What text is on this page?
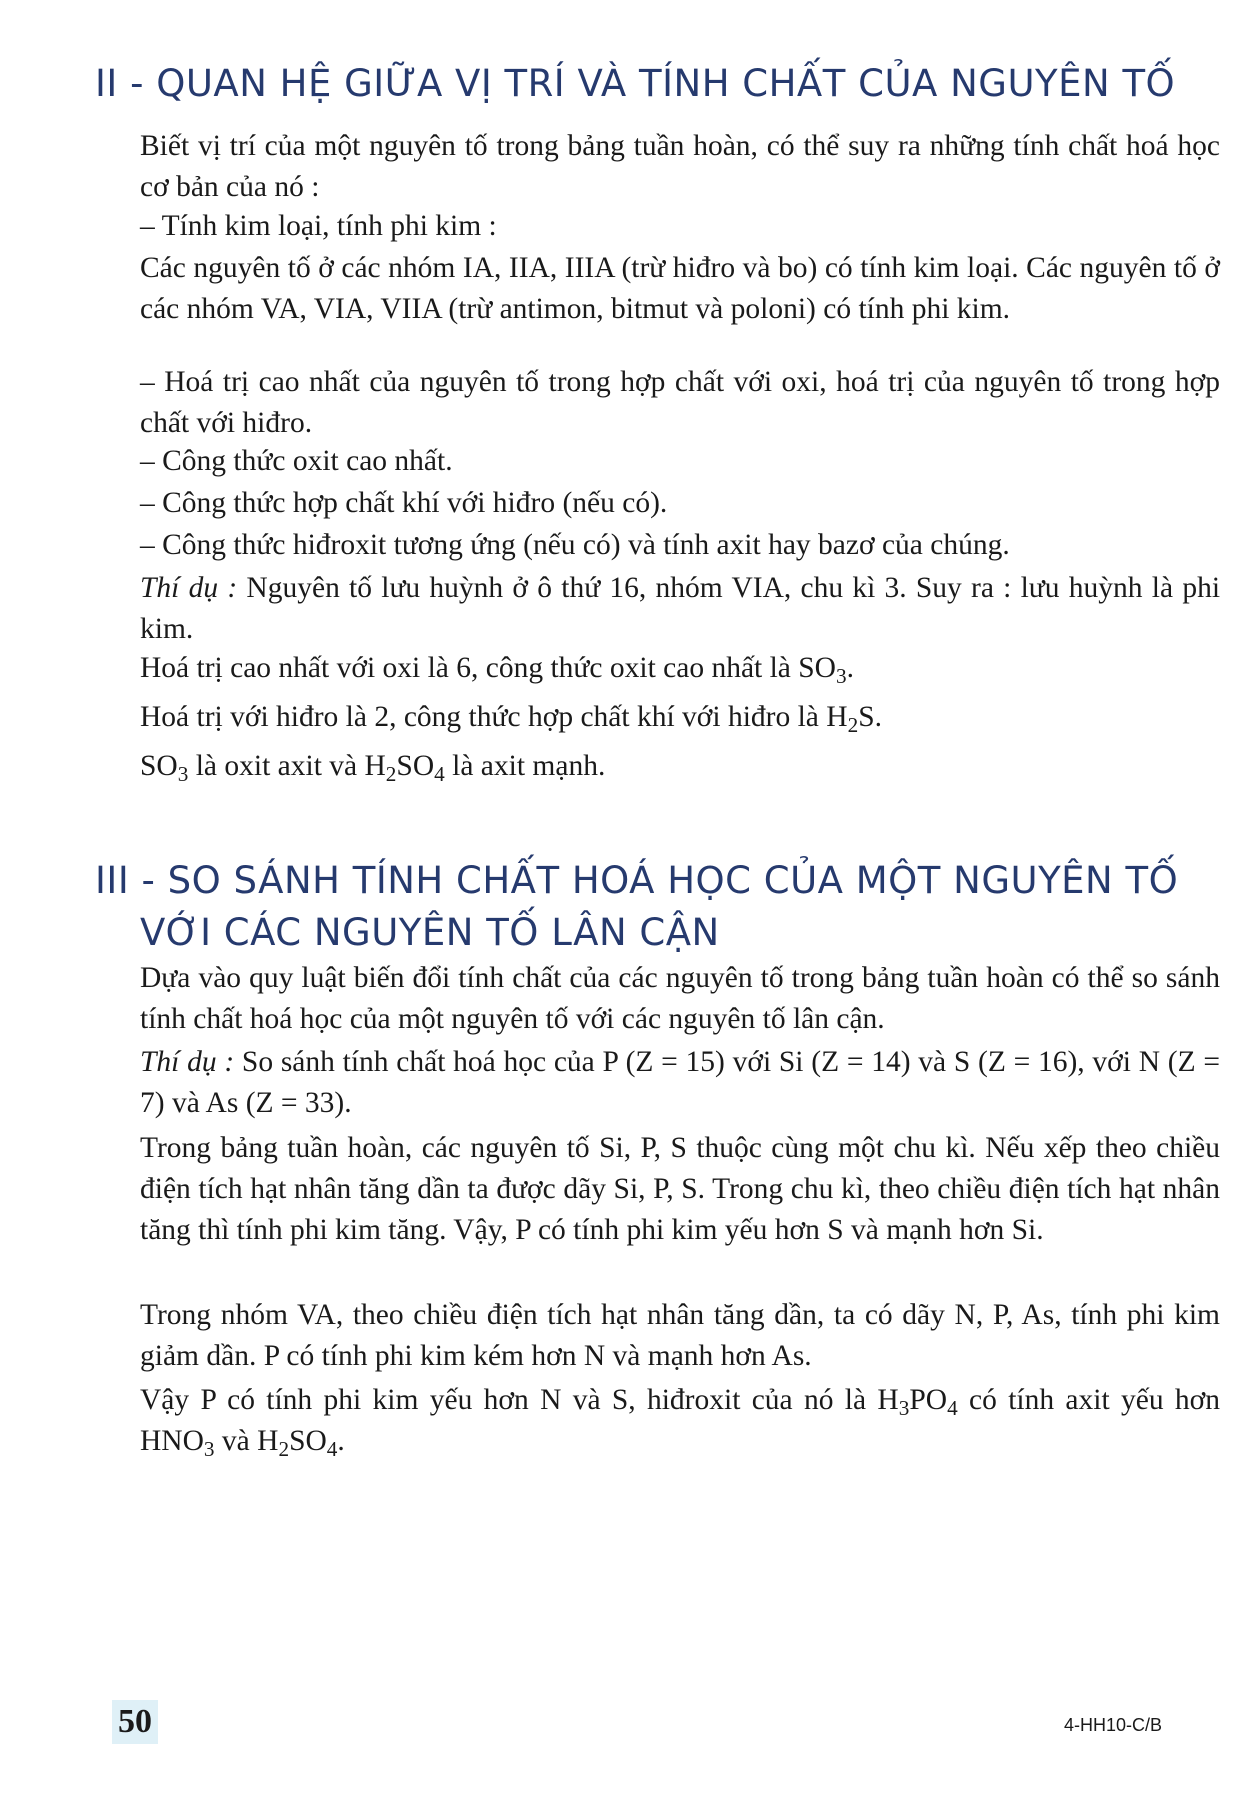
II - QUAN HỆ GIỮA VỊ TRÍ VÀ TÍNH CHẤT CỦA NGUYÊN TỐ

Biết vị trí của một nguyên tố trong bảng tuần hoàn, có thể suy ra những tính chất hoá học cơ bản của nó :

– Tính kim loại, tính phi kim :

Các nguyên tố ở các nhóm IA, IIA, IIIA (trừ hiđro và bo) có tính kim loại. Các nguyên tố ở các nhóm VA, VIA, VIIA (trừ antimon, bitmut và poloni) có tính phi kim.

– Hoá trị cao nhất của nguyên tố trong hợp chất với oxi, hoá trị của nguyên tố trong hợp chất với hiđro.

– Công thức oxit cao nhất.

– Công thức hợp chất khí với hiđro (nếu có).

– Công thức hiđroxit tương ứng (nếu có) và tính axit hay bazơ của chúng.

Thí dụ : Nguyên tố lưu huỳnh ở ô thứ 16, nhóm VIA, chu kì 3. Suy ra : lưu huỳnh là phi kim.

Hoá trị cao nhất với oxi là 6, công thức oxit cao nhất là $SO_3$.

Hoá trị với hiđro là 2, công thức hợp chất khí với hiđro là $H_2S$.

$SO_3$ là oxit axit và $H_2SO_4$ là axit mạnh.

III - SO SÁNH TÍNH CHẤT HOÁ HỌC CỦA MỘT NGUYÊN TỐ
VỚI CÁC NGUYÊN TỐ LÂN CẬN

Dựa vào quy luật biến đổi tính chất của các nguyên tố trong bảng tuần hoàn có thể so sánh tính chất hoá học của một nguyên tố với các nguyên tố lân cận.

Thí dụ : So sánh tính chất hoá học của P (Z = 15) với Si (Z = 14) và S (Z = 16), với N (Z = 7) và As (Z = 33).

Trong bảng tuần hoàn, các nguyên tố Si, P, S thuộc cùng một chu kì. Nếu xếp theo chiều điện tích hạt nhân tăng dần ta được dãy Si, P, S. Trong chu kì, theo chiều điện tích hạt nhân tăng thì tính phi kim tăng. Vậy, P có tính phi kim yếu hơn S và mạnh hơn Si.

Trong nhóm VA, theo chiều điện tích hạt nhân tăng dần, ta có dãy N, P, As, tính phi kim giảm dần. P có tính phi kim kém hơn N và mạnh hơn As.

Vậy P có tính phi kim yếu hơn N và S, hiđroxit của nó là $H_3PO_4$ có tính axit yếu hơn $HNO_3$ và $H_2SO_4$.

50	4-HH10-C/B
